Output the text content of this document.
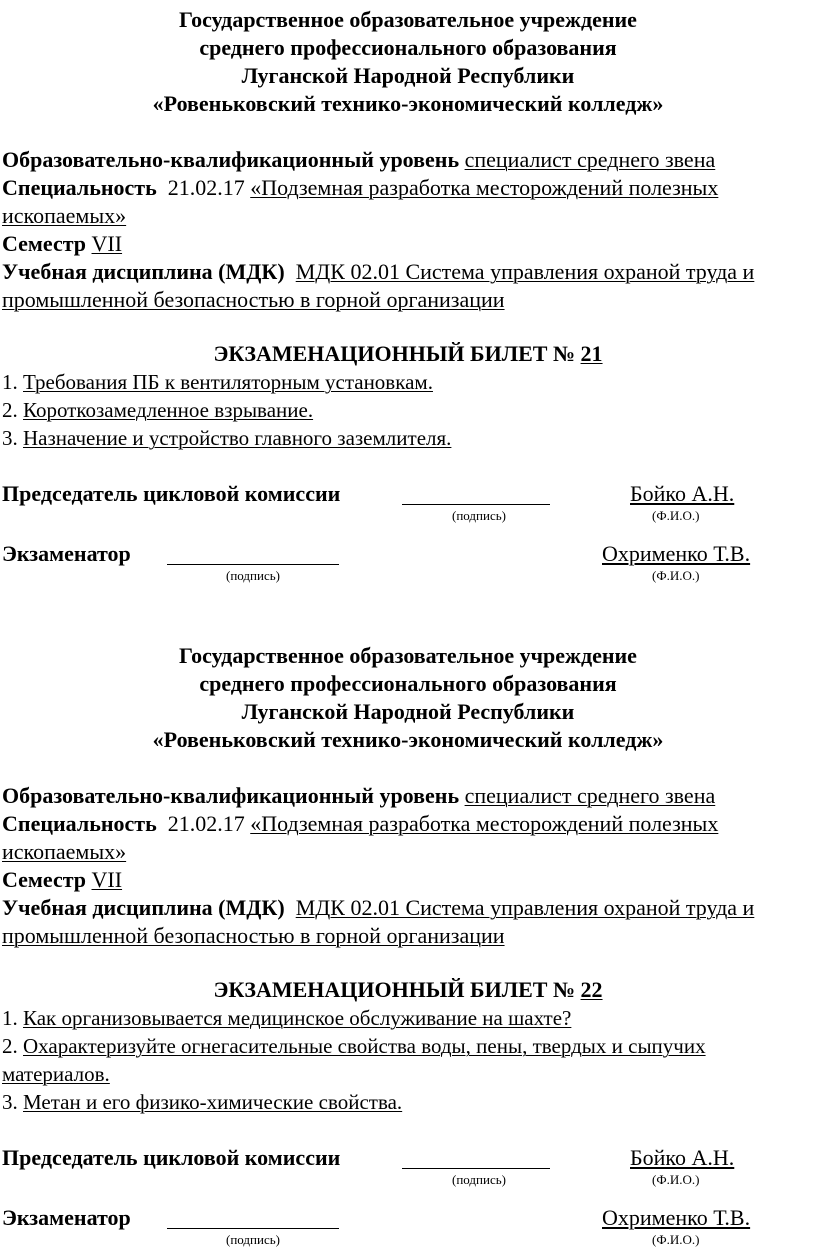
Государственное образовательное учреждение
среднего профессионального образования
Луганской Народной Республики
«Ровеньковский технико-экономический колледж»
Образовательно-квалификационный уровень специалист среднего звена
Специальность 21.02.17 «Подземная разработка месторождений полезных ископаемых»
Семестр VII
Учебная дисциплина (МДК) МДК 02.01 Система управления охраной труда и промышленной безопасностью в горной организации
ЭКЗАМЕНАЦИОННЫЙ БИЛЕТ № 21
1. Требования ПБ к вентиляторным установкам.
2. Короткозамедленное взрывание.
3. Назначение и устройство главного заземлителя.
Председатель цикловой комиссии
(подпись)
Бойко А.Н.
(Ф.И.О.)
Экзаменатор
(подпись)
Охрименко Т.В.
(Ф.И.О.)
Государственное образовательное учреждение
среднего профессионального образования
Луганской Народной Республики
«Ровеньковский технико-экономический колледж»
Образовательно-квалификационный уровень специалист среднего звена
Специальность 21.02.17 «Подземная разработка месторождений полезных ископаемых»
Семестр VII
Учебная дисциплина (МДК) МДК 02.01 Система управления охраной труда и промышленной безопасностью в горной организации
ЭКЗАМЕНАЦИОННЫЙ БИЛЕТ № 22
1. Как организовывается медицинское обслуживание на шахте?
2. Охарактеризуйте огнегасительные свойства воды, пены, твердых и сыпучих материалов.
3. Метан и его физико-химические свойства.
Председатель цикловой комиссии
(подпись)
Бойко А.Н.
(Ф.И.О.)
Экзаменатор
(подпись)
Охрименко Т.В.
(Ф.И.О.)
